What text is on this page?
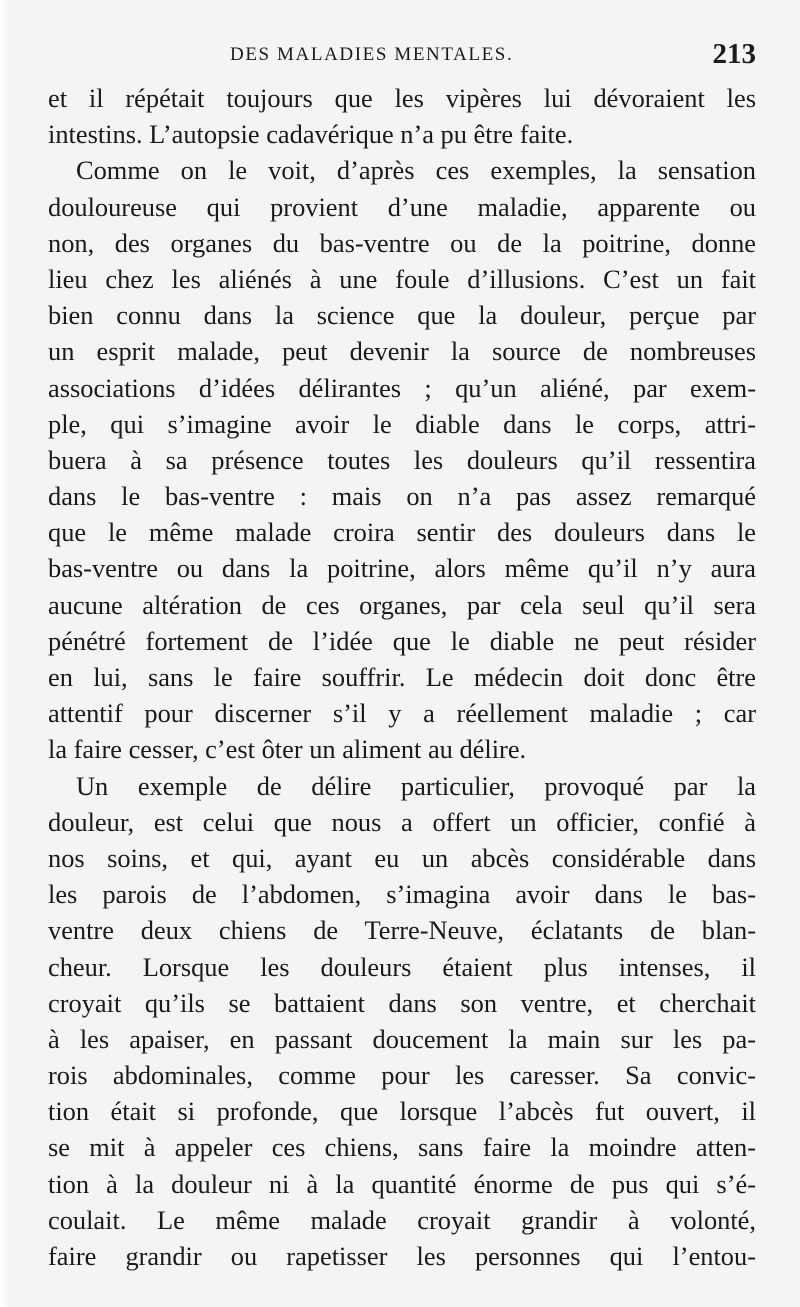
DES MALADIES MENTALES.	213
et il répétait toujours que les vipères lui dévoraient les
intestins. L’autopsie cadavérique n’a pu être faite.
Comme on le voit, d’après ces exemples, la sensation
douloureuse qui provient d’une maladie, apparente ou
non, des organes du bas-ventre ou de la poitrine, donne
lieu chez les aliénés à une foule d’illusions. C’est un fait
bien connu dans la science que la douleur, perçue par
un esprit malade, peut devenir la source de nombreuses
associations d’idées délirantes ; qu’un aliéné, par exem-
ple, qui s’imagine avoir le diable dans le corps, attri-
buera à sa présence toutes les douleurs qu’il ressentira
dans le bas-ventre : mais on n’a pas assez remarqué
que le même malade croira sentir des douleurs dans le
bas-ventre ou dans la poitrine, alors même qu’il n’y aura
aucune altération de ces organes, par cela seul qu’il sera
pénétré fortement de l’idée que le diable ne peut résider
en lui, sans le faire souffrir. Le médecin doit donc être
attentif pour discerner s’il y a réellement maladie ; car
la faire cesser, c’est ôter un aliment au délire.
Un exemple de délire particulier, provoqué par la
douleur, est celui que nous a offert un officier, confié à
nos soins, et qui, ayant eu un abcès considérable dans
les parois de l’abdomen, s’imagina avoir dans le bas-
ventre deux chiens de Terre-Neuve, éclatants de blan-
cheur. Lorsque les douleurs étaient plus intenses, il
croyait qu’ils se battaient dans son ventre, et cherchait
à les apaiser, en passant doucement la main sur les pa-
rois abdominales, comme pour les caresser. Sa convic-
tion était si profonde, que lorsque l’abcès fut ouvert, il
se mit à appeler ces chiens, sans faire la moindre atten-
tion à la douleur ni à la quantité énorme de pus qui s’é-
coulait. Le même malade croyait grandir à volonté,
faire grandir ou rapetisser les personnes qui l’entou-
